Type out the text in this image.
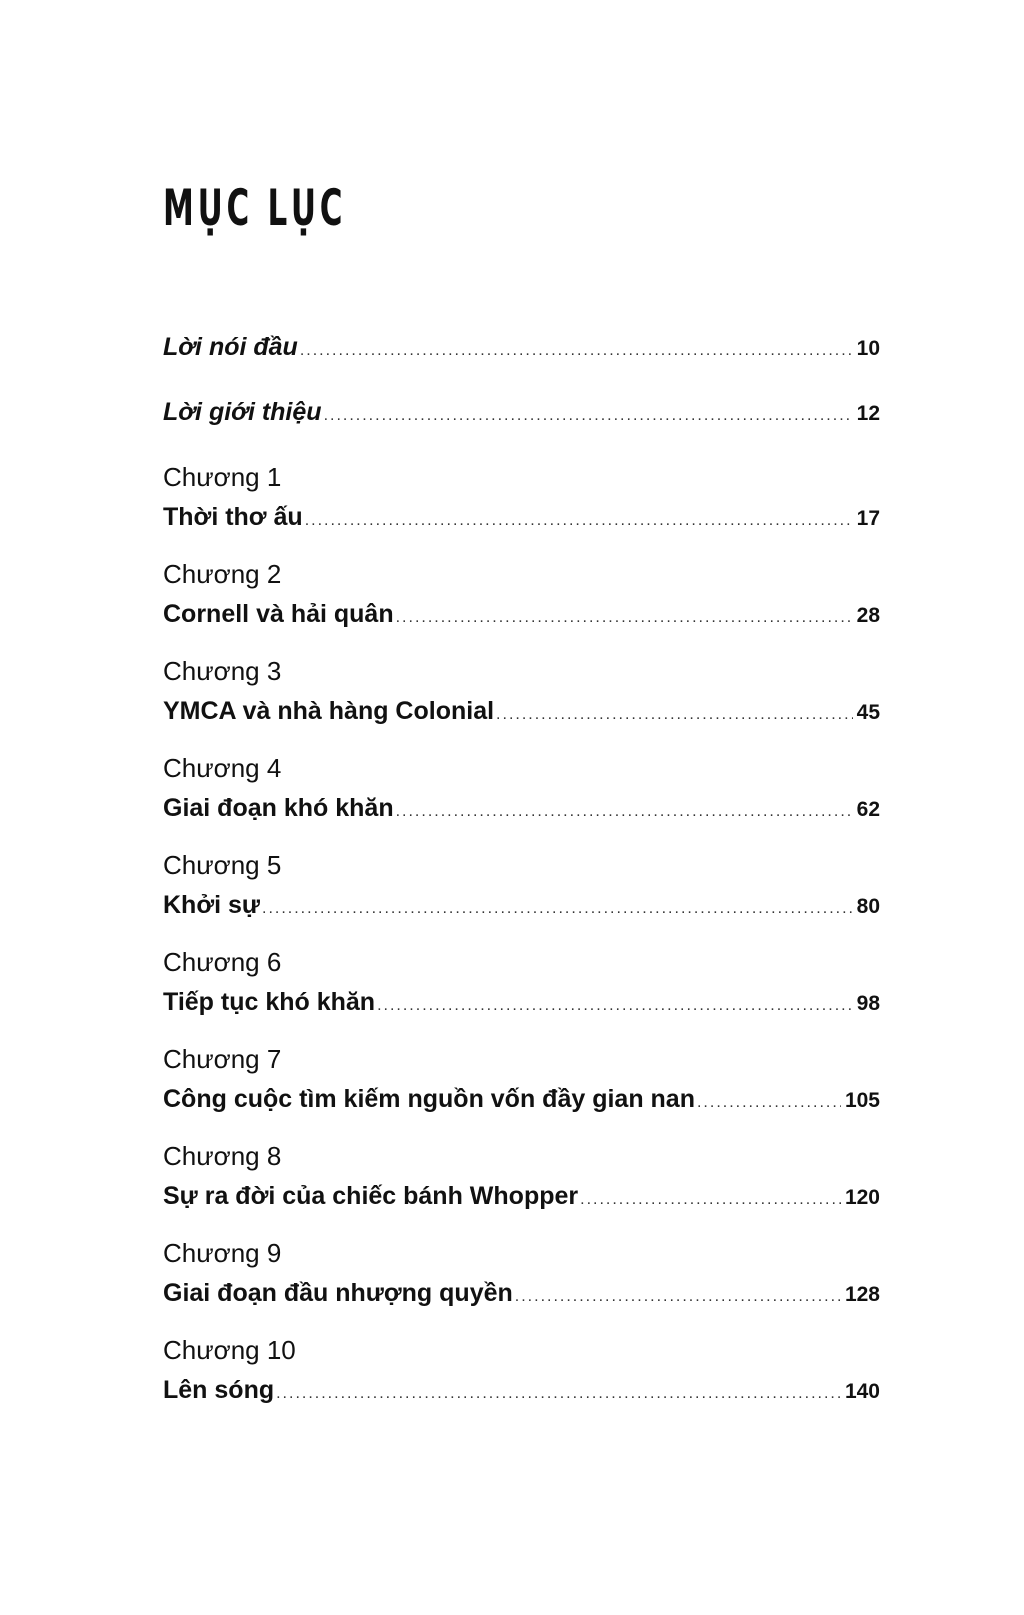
MỤC LỤC
Lời nói đầu .....	10
Lời giới thiệu .....	12
Chương 1
Thời thơ ấu .....	17
Chương 2
Cornell và hải quân .....	28
Chương 3
YMCA và nhà hàng Colonial .....	45
Chương 4
Giai đoạn khó khăn .....	62
Chương 5
Khởi sự .....	80
Chương 6
Tiếp tục khó khăn .....	98
Chương 7
Công cuộc tìm kiếm nguồn vốn đầy gian nan .....	105
Chương 8
Sự ra đời của chiếc bánh Whopper .....	120
Chương 9
Giai đoạn đầu nhượng quyền .....	128
Chương 10
Lên sóng .....	140
